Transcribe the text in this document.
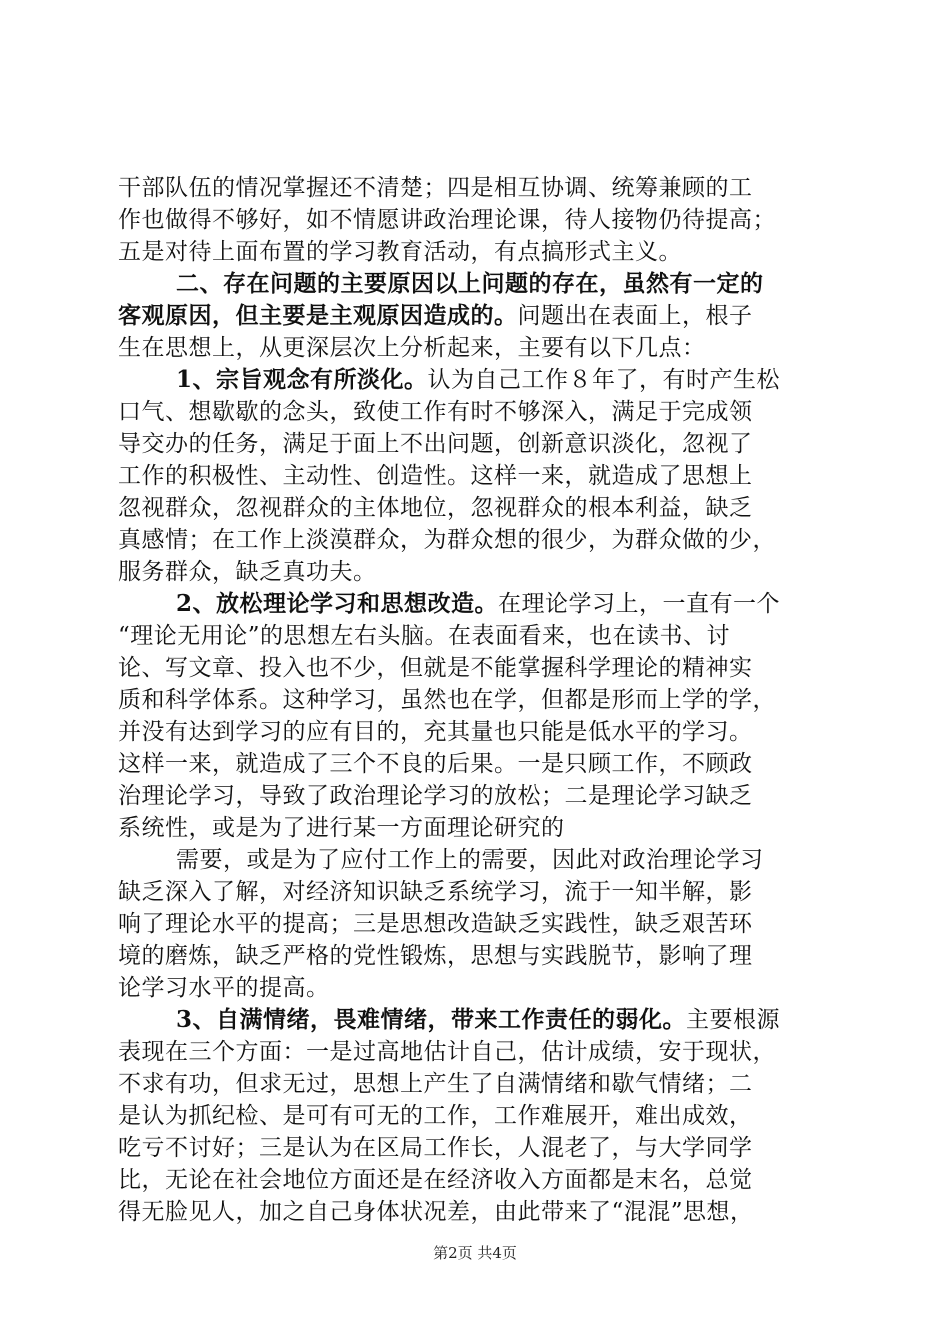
干部队伍的情况掌握还不清楚；四是相互协调、统筹兼顾的工
作也做得不够好，如不情愿讲政治理论课，待人接物仍待提高；
五是对待上面布置的学习教育活动，有点搞形式主义。
二、存在问题的主要原因以上问题的存在，虽然有一定的
客观原因，但主要是主观原因造成的。问题出在表面上，根子
生在思想上，从更深层次上分析起来，主要有以下几点：
1、宗旨观念有所淡化。认为自己工作８年了，有时产生松
口气、想歇歇的念头，致使工作有时不够深入，满足于完成领
导交办的任务，满足于面上不出问题，创新意识淡化，忽视了
工作的积极性、主动性、创造性。这样一来，就造成了思想上
忽视群众，忽视群众的主体地位，忽视群众的根本利益，缺乏
真感情；在工作上淡漠群众，为群众想的很少，为群众做的少，
服务群众，缺乏真功夫。
2、放松理论学习和思想改造。在理论学习上，一直有一个
“理论无用论”的思想左右头脑。在表面看来，也在读书、讨
论、写文章、投入也不少，但就是不能掌握科学理论的精神实
质和科学体系。这种学习，虽然也在学，但都是形而上学的学，
并没有达到学习的应有目的，充其量也只能是低水平的学习。
这样一来，就造成了三个不良的后果。一是只顾工作，不顾政
治理论学习，导致了政治理论学习的放松；二是理论学习缺乏
系统性，或是为了进行某一方面理论研究的
需要，或是为了应付工作上的需要，因此对政治理论学习
缺乏深入了解，对经济知识缺乏系统学习，流于一知半解，影
响了理论水平的提高；三是思想改造缺乏实践性，缺乏艰苦环
境的磨炼，缺乏严格的党性锻炼，思想与实践脱节，影响了理
论学习水平的提高。
3、自满情绪，畏难情绪，带来工作责任的弱化。主要根源
表现在三个方面：一是过高地估计自己，估计成绩，安于现状，
不求有功，但求无过，思想上产生了自满情绪和歇气情绪；二
是认为抓纪检、是可有可无的工作，工作难展开，难出成效，
吃亏不讨好；三是认为在区局工作长，人混老了，与大学同学
比，无论在社会地位方面还是在经济收入方面都是末名，总觉
得无脸见人，加之自己身体状况差，由此带来了“混混”思想，
第2页 共4页
